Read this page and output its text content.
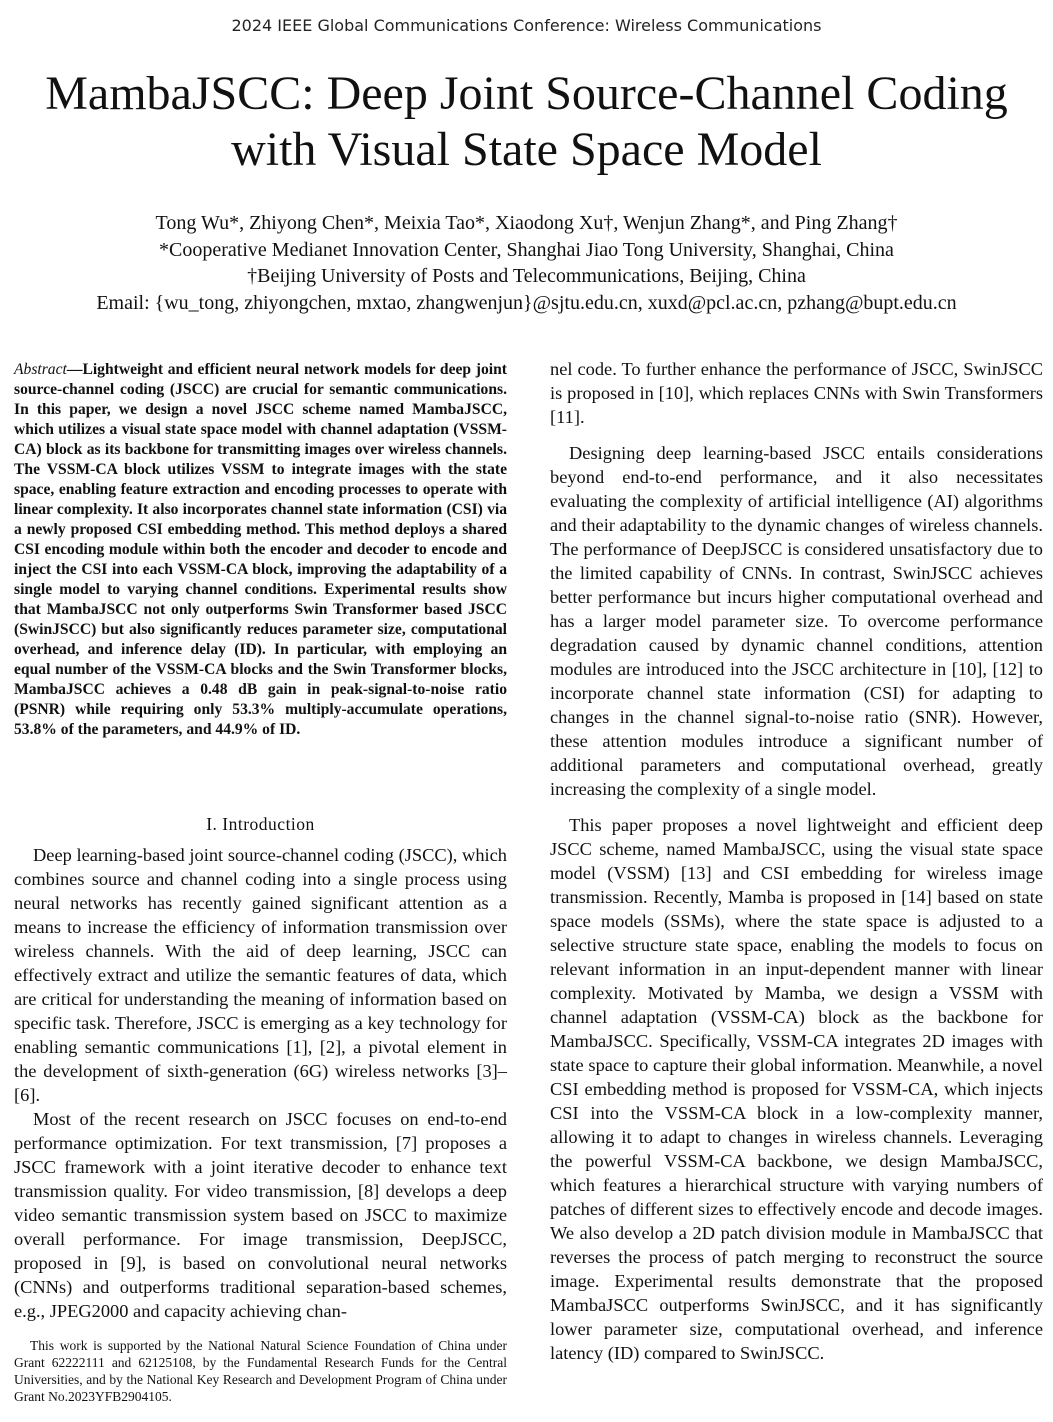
2024 IEEE Global Communications Conference: Wireless Communications
MambaJSCC: Deep Joint Source-Channel Coding
with Visual State Space Model
Tong Wu*, Zhiyong Chen*, Meixia Tao*, Xiaodong Xu†, Wenjun Zhang*, and Ping Zhang†
*Cooperative Medianet Innovation Center, Shanghai Jiao Tong University, Shanghai, China
†Beijing University of Posts and Telecommunications, Beijing, China
Email: {wu_tong, zhiyongchen, mxtao, zhangwenjun}@sjtu.edu.cn, xuxd@pcl.ac.cn, pzhang@bupt.edu.cn
Abstract—Lightweight and efficient neural network models for deep joint source-channel coding (JSCC) are crucial for semantic communications. In this paper, we design a novel JSCC scheme named MambaJSCC, which utilizes a visual state space model with channel adaptation (VSSM-CA) block as its backbone for transmitting images over wireless channels. The VSSM-CA block utilizes VSSM to integrate images with the state space, enabling feature extraction and encoding processes to operate with linear complexity. It also incorporates channel state information (CSI) via a newly proposed CSI embedding method. This method deploys a shared CSI encoding module within both the encoder and decoder to encode and inject the CSI into each VSSM-CA block, improving the adaptability of a single model to varying channel conditions. Experimental results show that MambaJSCC not only outperforms Swin Transformer based JSCC (SwinJSCC) but also significantly reduces parameter size, computational overhead, and inference delay (ID). In particular, with employing an equal number of the VSSM-CA blocks and the Swin Transformer blocks, MambaJSCC achieves a 0.48 dB gain in peak-signal-to-noise ratio (PSNR) while requiring only 53.3% multiply-accumulate operations, 53.8% of the parameters, and 44.9% of ID.
I. Introduction

Deep learning-based joint source-channel coding (JSCC), which combines source and channel coding into a single process using neural networks has recently gained significant attention as a means to increase the efficiency of information transmission over wireless channels. With the aid of deep learning, JSCC can effectively extract and utilize the semantic features of data, which are critical for understanding the meaning of information based on specific task. Therefore, JSCC is emerging as a key technology for enabling semantic communications [1], [2], a pivotal element in the development of sixth-generation (6G) wireless networks [3]–[6].

Most of the recent research on JSCC focuses on end-to-end performance optimization. For text transmission, [7] proposes a JSCC framework with a joint iterative decoder to enhance text transmission quality. For video transmission, [8] develops a deep video semantic transmission system based on JSCC to maximize overall performance. For image transmission, DeepJSCC, proposed in [9], is based on convolutional neural networks (CNNs) and outperforms traditional separation-based schemes, e.g., JPEG2000 and capacity achieving chan-

This work is supported by the National Natural Science Foundation of China under Grant 62222111 and 62125108, by the Fundamental Research Funds for the Central Universities, and by the National Key Research and Development Program of China under Grant No.2023YFB2904105.

nel code. To further enhance the performance of JSCC, SwinJSCC is proposed in [10], which replaces CNNs with Swin Transformers [11].

Designing deep learning-based JSCC entails considerations beyond end-to-end performance, and it also necessitates evaluating the complexity of artificial intelligence (AI) algorithms and their adaptability to the dynamic changes of wireless channels. The performance of DeepJSCC is considered unsatisfactory due to the limited capability of CNNs. In contrast, SwinJSCC achieves better performance but incurs higher computational overhead and has a larger model parameter size. To overcome performance degradation caused by dynamic channel conditions, attention modules are introduced into the JSCC architecture in [10], [12] to incorporate channel state information (CSI) for adapting to changes in the channel signal-to-noise ratio (SNR). However, these attention modules introduce a significant number of additional parameters and computational overhead, greatly increasing the complexity of a single model.

This paper proposes a novel lightweight and efficient deep JSCC scheme, named MambaJSCC, using the visual state space model (VSSM) [13] and CSI embedding for wireless image transmission. Recently, Mamba is proposed in [14] based on state space models (SSMs), where the state space is adjusted to a selective structure state space, enabling the models to focus on relevant information in an input-dependent manner with linear complexity. Motivated by Mamba, we design a VSSM with channel adaptation (VSSM-CA) block as the backbone for MambaJSCC. Specifically, VSSM-CA integrates 2D images with state space to capture their global information. Meanwhile, a novel CSI embedding method is proposed for VSSM-CA, which injects CSI into the VSSM-CA block in a low-complexity manner, allowing it to adapt to changes in wireless channels. Leveraging the powerful VSSM-CA backbone, we design MambaJSCC, which features a hierarchical structure with varying numbers of patches of different sizes to effectively encode and decode images. We also develop a 2D patch division module in MambaJSCC that reverses the process of patch merging to reconstruct the source image. Experimental results demonstrate that the proposed MambaJSCC outperforms SwinJSCC, and it has significantly lower parameter size, computational overhead, and inference latency (ID) compared to SwinJSCC.
